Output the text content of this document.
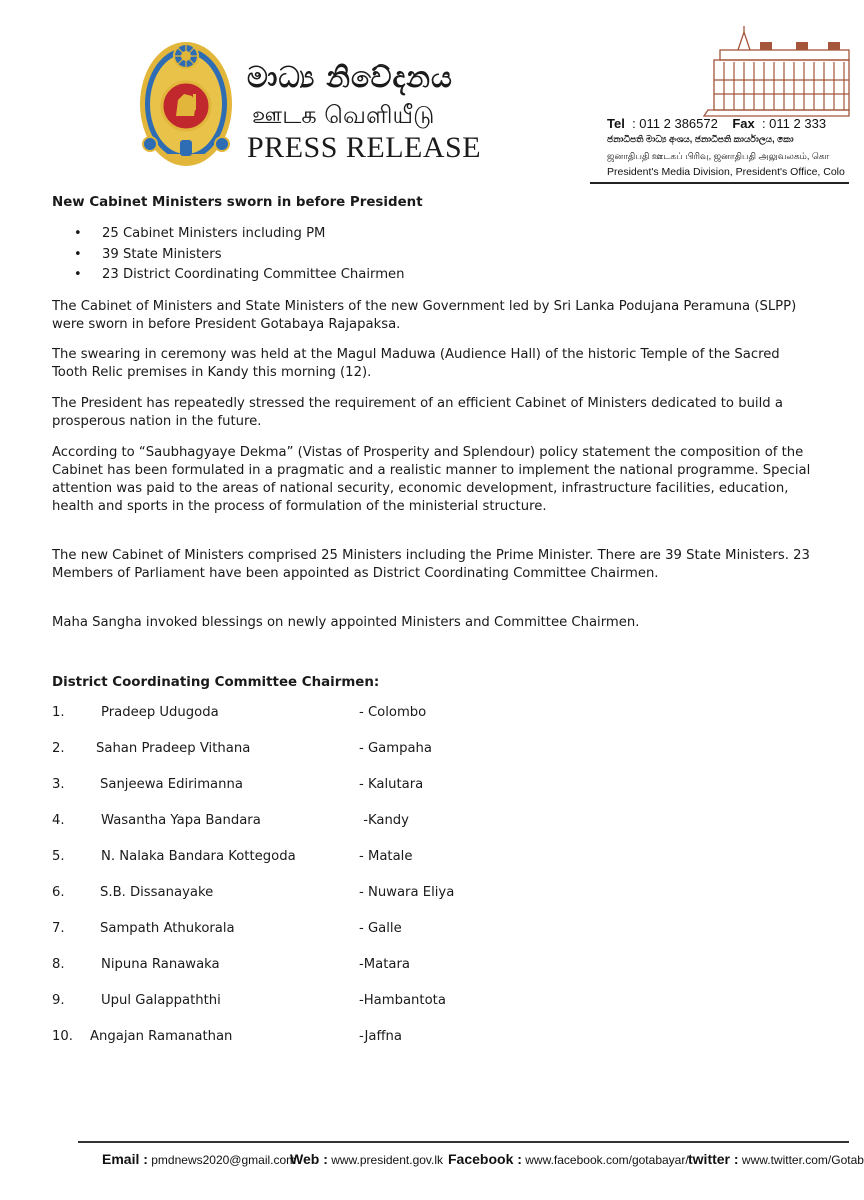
මාධ්‍ය නිවේදනය
ஊடக வெளியீடு
PRESS RELEASE
Tel : 011 2 386572 Fax : 011 2 333
ජනාධිපති මාධ්‍ය අංශය, ජනාධිපති කාර්යාලය, කො
ஜனாதிபதி ஊடகப் பிரிவு, ஜனாதிபதி அலுவலகம், கொ
President's Media Division, President's Office, Colo
New Cabinet Ministers sworn in before President
• 25 Cabinet Ministers including PM
• 39 State Ministers
• 23 District Coordinating Committee Chairmen
The Cabinet of Ministers and State Ministers of the new Government led by Sri Lanka Podujana Peramuna (SLPP) were sworn in before President Gotabaya Rajapaksa.
The swearing in ceremony was held at the Magul Maduwa (Audience Hall) of the historic Temple of the Sacred Tooth Relic premises in Kandy this morning (12).
The President has repeatedly stressed the requirement of an efficient Cabinet of Ministers dedicated to build a prosperous nation in the future.
According to “Saubhagyaye Dekma” (Vistas of Prosperity and Splendour) policy statement the composition of the Cabinet has been formulated in a pragmatic and a realistic manner to implement the national programme. Special attention was paid to the areas of national security, economic development, infrastructure facilities, education, health and sports in the process of formulation of the ministerial structure.
The new Cabinet of Ministers comprised 25 Ministers including the Prime Minister. There are 39 State Ministers. 23 Members of Parliament have been appointed as District Coordinating Committee Chairmen.
Maha Sangha invoked blessings on newly appointed Ministers and Committee Chairmen.
District Coordinating Committee Chairmen:
1.	Pradeep Udugoda	- Colombo
2. Sahan Pradeep Vithana	- Gampaha
3.	Sanjeewa Edirimanna	- Kalutara
4.	Wasantha Yapa Bandara	-Kandy
5.	N. Nalaka Bandara Kottegoda	- Matale
6.	S.B. Dissanayake	- Nuwara Eliya
7.	Sampath Athukorala	- Galle
8.	Nipuna Ranawaka	-Matara
9.	Upul Galappaththi	-Hambantota
10. Angajan Ramanathan	-Jaffna
Email : pmdnews2020@gmail.com
Web : www.president.gov.lk Facebook : www.facebook.com/gotabayar/ twitter : www.twitter.com/Gotab
